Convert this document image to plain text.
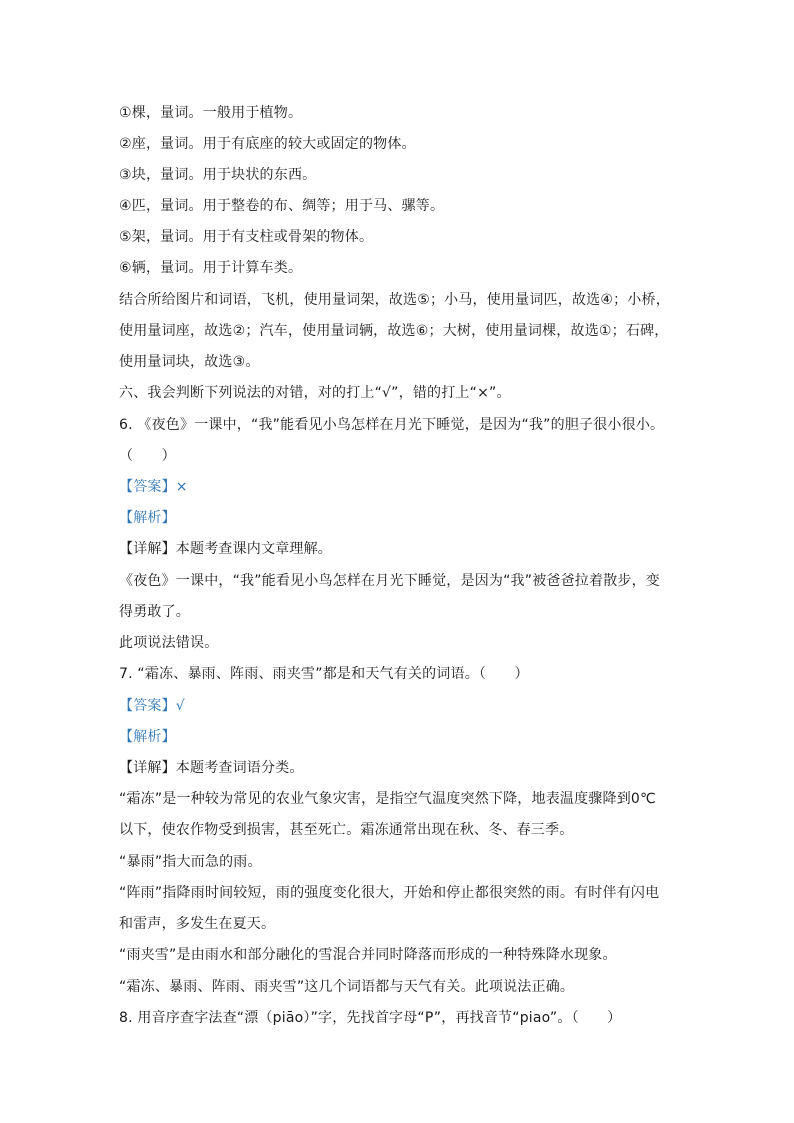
①棵，量词。一般用于植物。
②座，量词。用于有底座的较大或固定的物体。
③块，量词。用于块状的东西。
④匹，量词。用于整卷的布、绸等；用于马、骡等。
⑤架，量词。用于有支柱或骨架的物体。
⑥辆，量词。用于计算车类。
结合所给图片和词语，飞机，使用量词架，故选⑤；小马，使用量词匹，故选④；小桥，
使用量词座，故选②；汽车，使用量词辆，故选⑥；大树，使用量词棵，故选①；石碑，
使用量词块，故选③。
六、我会判断下列说法的对错，对的打上“√”，错的打上“×”。
6. 《夜色》一课中，“我”能看见小鸟怎样在月光下睡觉，是因为“我”的胆子很小很小。
（　　）
【答案】×
【解析】
【详解】本题考查课内文章理解。
《夜色》一课中，“我”能看见小鸟怎样在月光下睡觉，是因为“我”被爸爸拉着散步，变
得勇敢了。
此项说法错误。
7. “霜冻、暴雨、阵雨、雨夹雪”都是和天气有关的词语。（　　）
【答案】√
【解析】
【详解】本题考查词语分类。
“霜冻”是一种较为常见的农业气象灾害，是指空气温度突然下降，地表温度骤降到0℃
以下，使农作物受到损害，甚至死亡。霜冻通常出现在秋、冬、春三季。
“暴雨”指大而急的雨。
“阵雨”指降雨时间较短，雨的强度变化很大，开始和停止都很突然的雨。有时伴有闪电
和雷声，多发生在夏天。
“雨夹雪”是由雨水和部分融化的雪混合并同时降落而形成的一种特殊降水现象。
“霜冻、暴雨、阵雨、雨夹雪”这几个词语都与天气有关。此项说法正确。
8. 用音序查字法查“漂（piāo）”字，先找首字母“P”，再找音节“piao”。（　　）
